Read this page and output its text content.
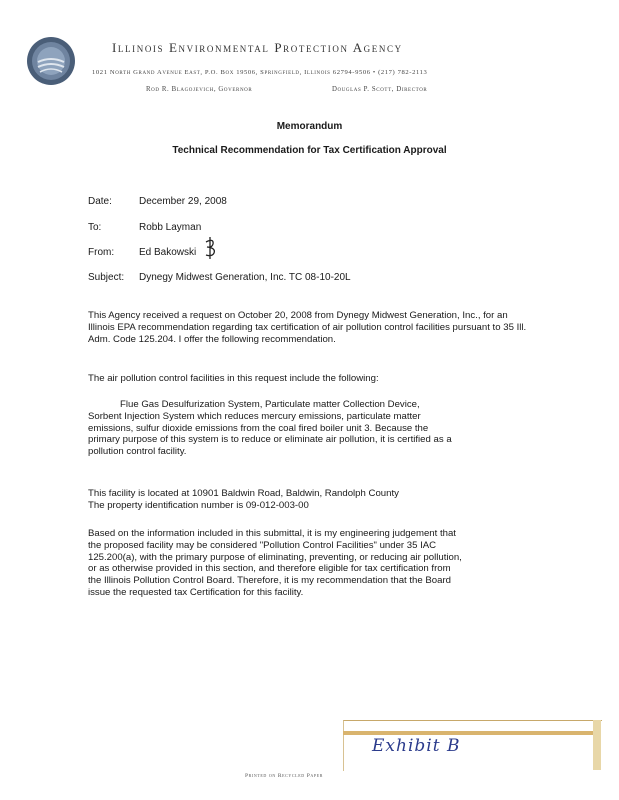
Illinois Environmental Protection Agency
1021 North Grand Avenue East, P.O. Box 19506, Springfield, Illinois 62794-9506 • (217) 782-2113
Rod R. Blagojevich, Governor	Douglas P. Scott, Director
Memorandum
Technical Recommendation for Tax Certification Approval
Date:	December 29, 2008
To:	Robb Layman
From: Ed Bakowski
Subject: Dynegy Midwest Generation, Inc. TC 08-10-20L
This Agency received a request on October 20, 2008 from Dynegy Midwest Generation, Inc., for an
Illinois EPA recommendation regarding tax certification of air pollution control facilities pursuant to 35 Ill.
Adm. Code 125.204. I offer the following recommendation.
The air pollution control facilities in this request include the following:
Flue Gas Desulfurization System, Particulate matter Collection Device,
Sorbent Injection System which reduces mercury emissions, particulate matter
emissions, sulfur dioxide emissions from the coal fired boiler unit 3. Because the
primary purpose of this system is to reduce or eliminate air pollution, it is certified as a
pollution control facility.
This facility is located at 10901 Baldwin Road, Baldwin, Randolph County
The property identification number is 09-012-003-00
Based on the information included in this submittal, it is my engineering judgement that
the proposed facility may be considered "Pollution Control Facilities" under 35 IAC
125.200(a), with the primary purpose of eliminating, preventing, or reducing air pollution,
or as otherwise provided in this section, and therefore eligible for tax certification from
the Illinois Pollution Control Board. Therefore, it is my recommendation that the Board
issue the requested tax Certification for this facility.
Exhibit B
Printed on Recycled Paper
